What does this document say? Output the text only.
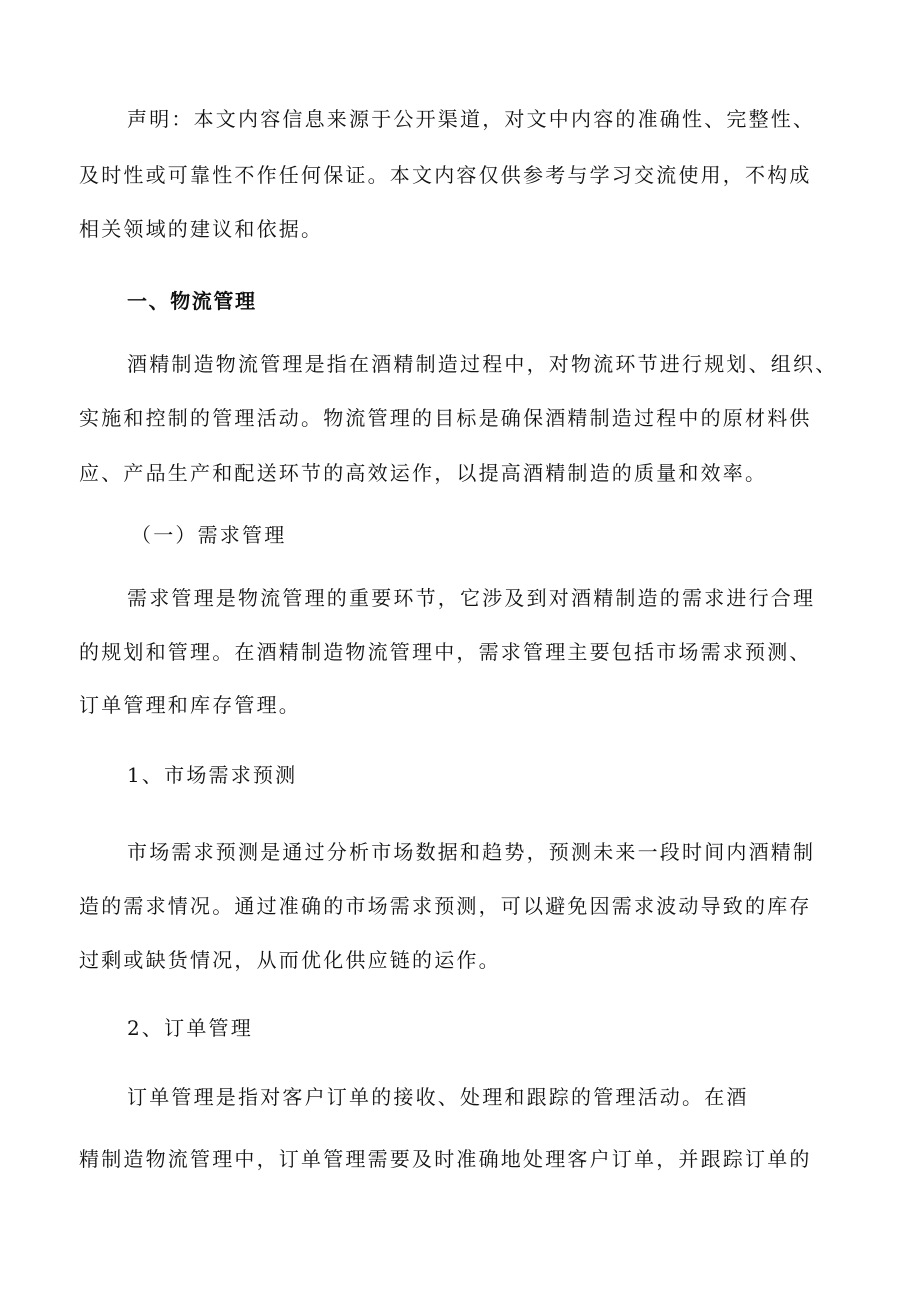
声明：本文内容信息来源于公开渠道，对文中内容的准确性、完整性、
及时性或可靠性不作任何保证。本文内容仅供参考与学习交流使用，不构成
相关领域的建议和依据。
一、物流管理
酒精制造物流管理是指在酒精制造过程中，对物流环节进行规划、组织、
实施和控制的管理活动。物流管理的目标是确保酒精制造过程中的原材料供
应、产品生产和配送环节的高效运作，以提高酒精制造的质量和效率。
（一）需求管理
需求管理是物流管理的重要环节，它涉及到对酒精制造的需求进行合理
的规划和管理。在酒精制造物流管理中，需求管理主要包括市场需求预测、
订单管理和库存管理。
1、市场需求预测
市场需求预测是通过分析市场数据和趋势，预测未来一段时间内酒精制
造的需求情况。通过准确的市场需求预测，可以避免因需求波动导致的库存
过剩或缺货情况，从而优化供应链的运作。
2、订单管理
订单管理是指对客户订单的接收、处理和跟踪的管理活动。在酒
精制造物流管理中，订单管理需要及时准确地处理客户订单，并跟踪订单的
